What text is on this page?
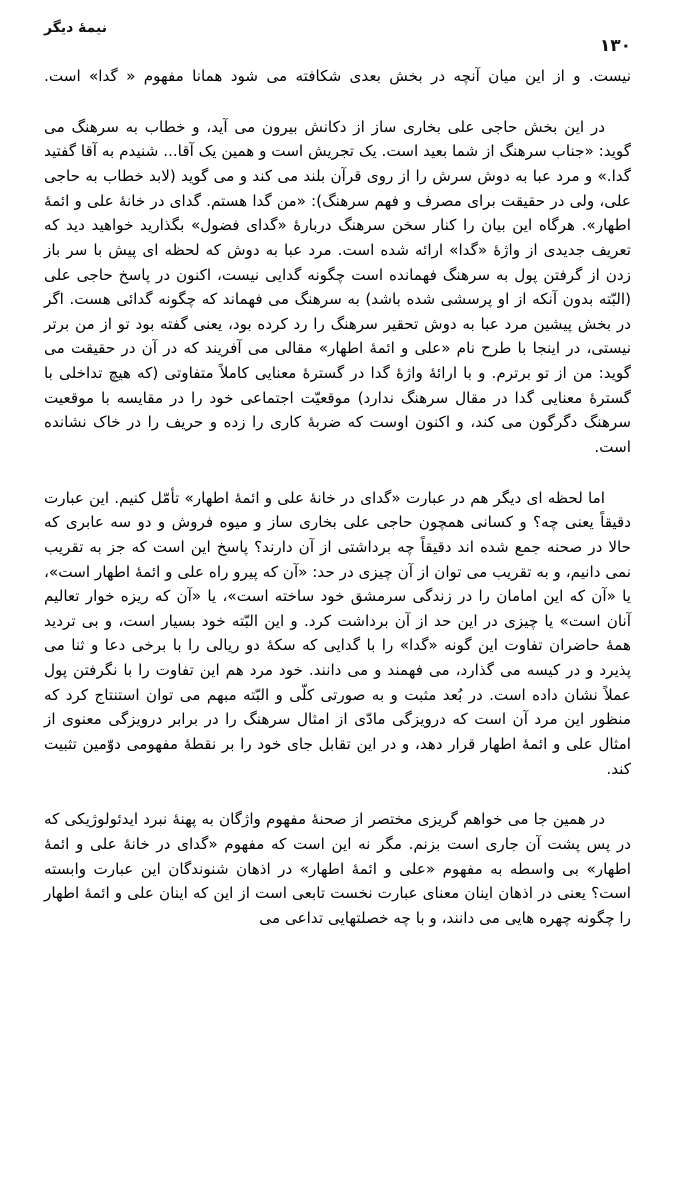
نیمۀ دیگر
۱۳۰

نیست. و از این میان آنچه در بخش بعدی شکافته می شود همانا مفهوم « گدا» است.

در این بخش حاجی علی بخاری ساز از دکانش بیرون می آید، و خطاب به سرهنگ می گوید: «جناب سرهنگ از شما بعید است. یک تجریش است و همین یک آقا... شنیدم به آقا گفتید گدا.» و مرد عبا به دوش سرش را از روی قرآن بلند می کند و می گوید (لابد خطاب به حاجی علی، ولی در حقیقت برای مصرف و فهم سرهنگ): «من گدا هستم. گدای در خانۀ علی و ائمۀ اطهار». هرگاه این بیان را کنار سخن سرهنگ دربارۀ «گدای فضول» بگذارید خواهید دید که تعریف جدیدی از واژۀ «گدا» ارائه شده است. مرد عبا به دوش که لحظه ای پیش با سر باز زدن از گرفتن پول به سرهنگ فهمانده است چگونه گدایی نیست، اکنون در پاسخ حاجی علی (البّته بدون آنکه از او پرسشی شده باشد) به سرهنگ می فهماند که چگونه گدائی هست. اگر در بخش پیشین مرد عبا به دوش تحقیر سرهنگ را رد کرده بود، یعنی گفته بود تو از من برتر نیستی، در اینجا با طرح نام «علی و ائمۀ اطهار» مقالی می آفریند که در آن در حقیقت می گوید: من از تو برترم. و با ارائۀ واژۀ گدا در گسترۀ معنایی کاملاً متفاوتی (که هیچ تداخلی با گسترۀ معنایی گدا در مقال سرهنگ ندارد) موقعیّت اجتماعی خود را در مقایسه با موقعیت سرهنگ دگرگون می کند، و اکنون اوست که ضربۀ کاری را زده و حریف را در خاک نشانده است.

اما لحظه ای دیگر هم در عبارت «گدای در خانۀ علی و ائمۀ اطهار» تأمّل کنیم. این عبارت دقیقاً یعنی چه؟ و کسانی همچون حاجی علی بخاری ساز و میوه فروش و دو سه عابری که حالا در صحنه جمع شده اند دقیقاً چه برداشتی از آن دارند؟ پاسخ این است که جز به تقریب نمی دانیم، و به تقریب می توان از آن چیزی در حد: «آن که پیرو راه علی و ائمۀ اطهار است»، یا «آن که این امامان را در زندگی سرمشق خود ساخته است»، یا «آن که ریزه خوار تعالیم آنان است» یا چیزی در این حد از آن برداشت کرد. و این البّته خود بسیار است، و بی تردید همۀ حاضران تفاوت این گونه «گدا» را با گدایی که سکۀ دو ریالی را با برخی دعا و ثنا می پذیرد و در کیسه می گذارد، می فهمند و می دانند. خود مرد هم این تفاوت را با نگرفتن پول عملاً نشان داده است. در بُعد مثبت و به صورتی کلّی و البّته مبهم می توان استنتاج کرد که منظور این مرد آن است که درویزگی مادّی از امثال سرهنگ را در برابر درویزگی معنوی از امثال علی و ائمۀ اطهار قرار دهد، و در این تقابل جای خود را بر نقطۀ مفهومی دوّمین تثبیت کند.

در همین جا می خواهم گریزی مختصر از صحنۀ مفهوم واژگان به پهنۀ نبرد ایدئولوژیکی که در پس پشت آن جاری است بزنم. مگر نه این است که مفهوم «گدای در خانۀ علی و ائمۀ اطهار» بی واسطه به مفهوم «علی و ائمۀ اطهار» در اذهان شنوندگان این عبارت وابسته است؟ یعنی در اذهان اینان معنای عبارت نخست تابعی است از این که اینان علی و ائمۀ اطهار را چگونه چهره هایی می دانند، و با چه خصلتهایی تداعی می
